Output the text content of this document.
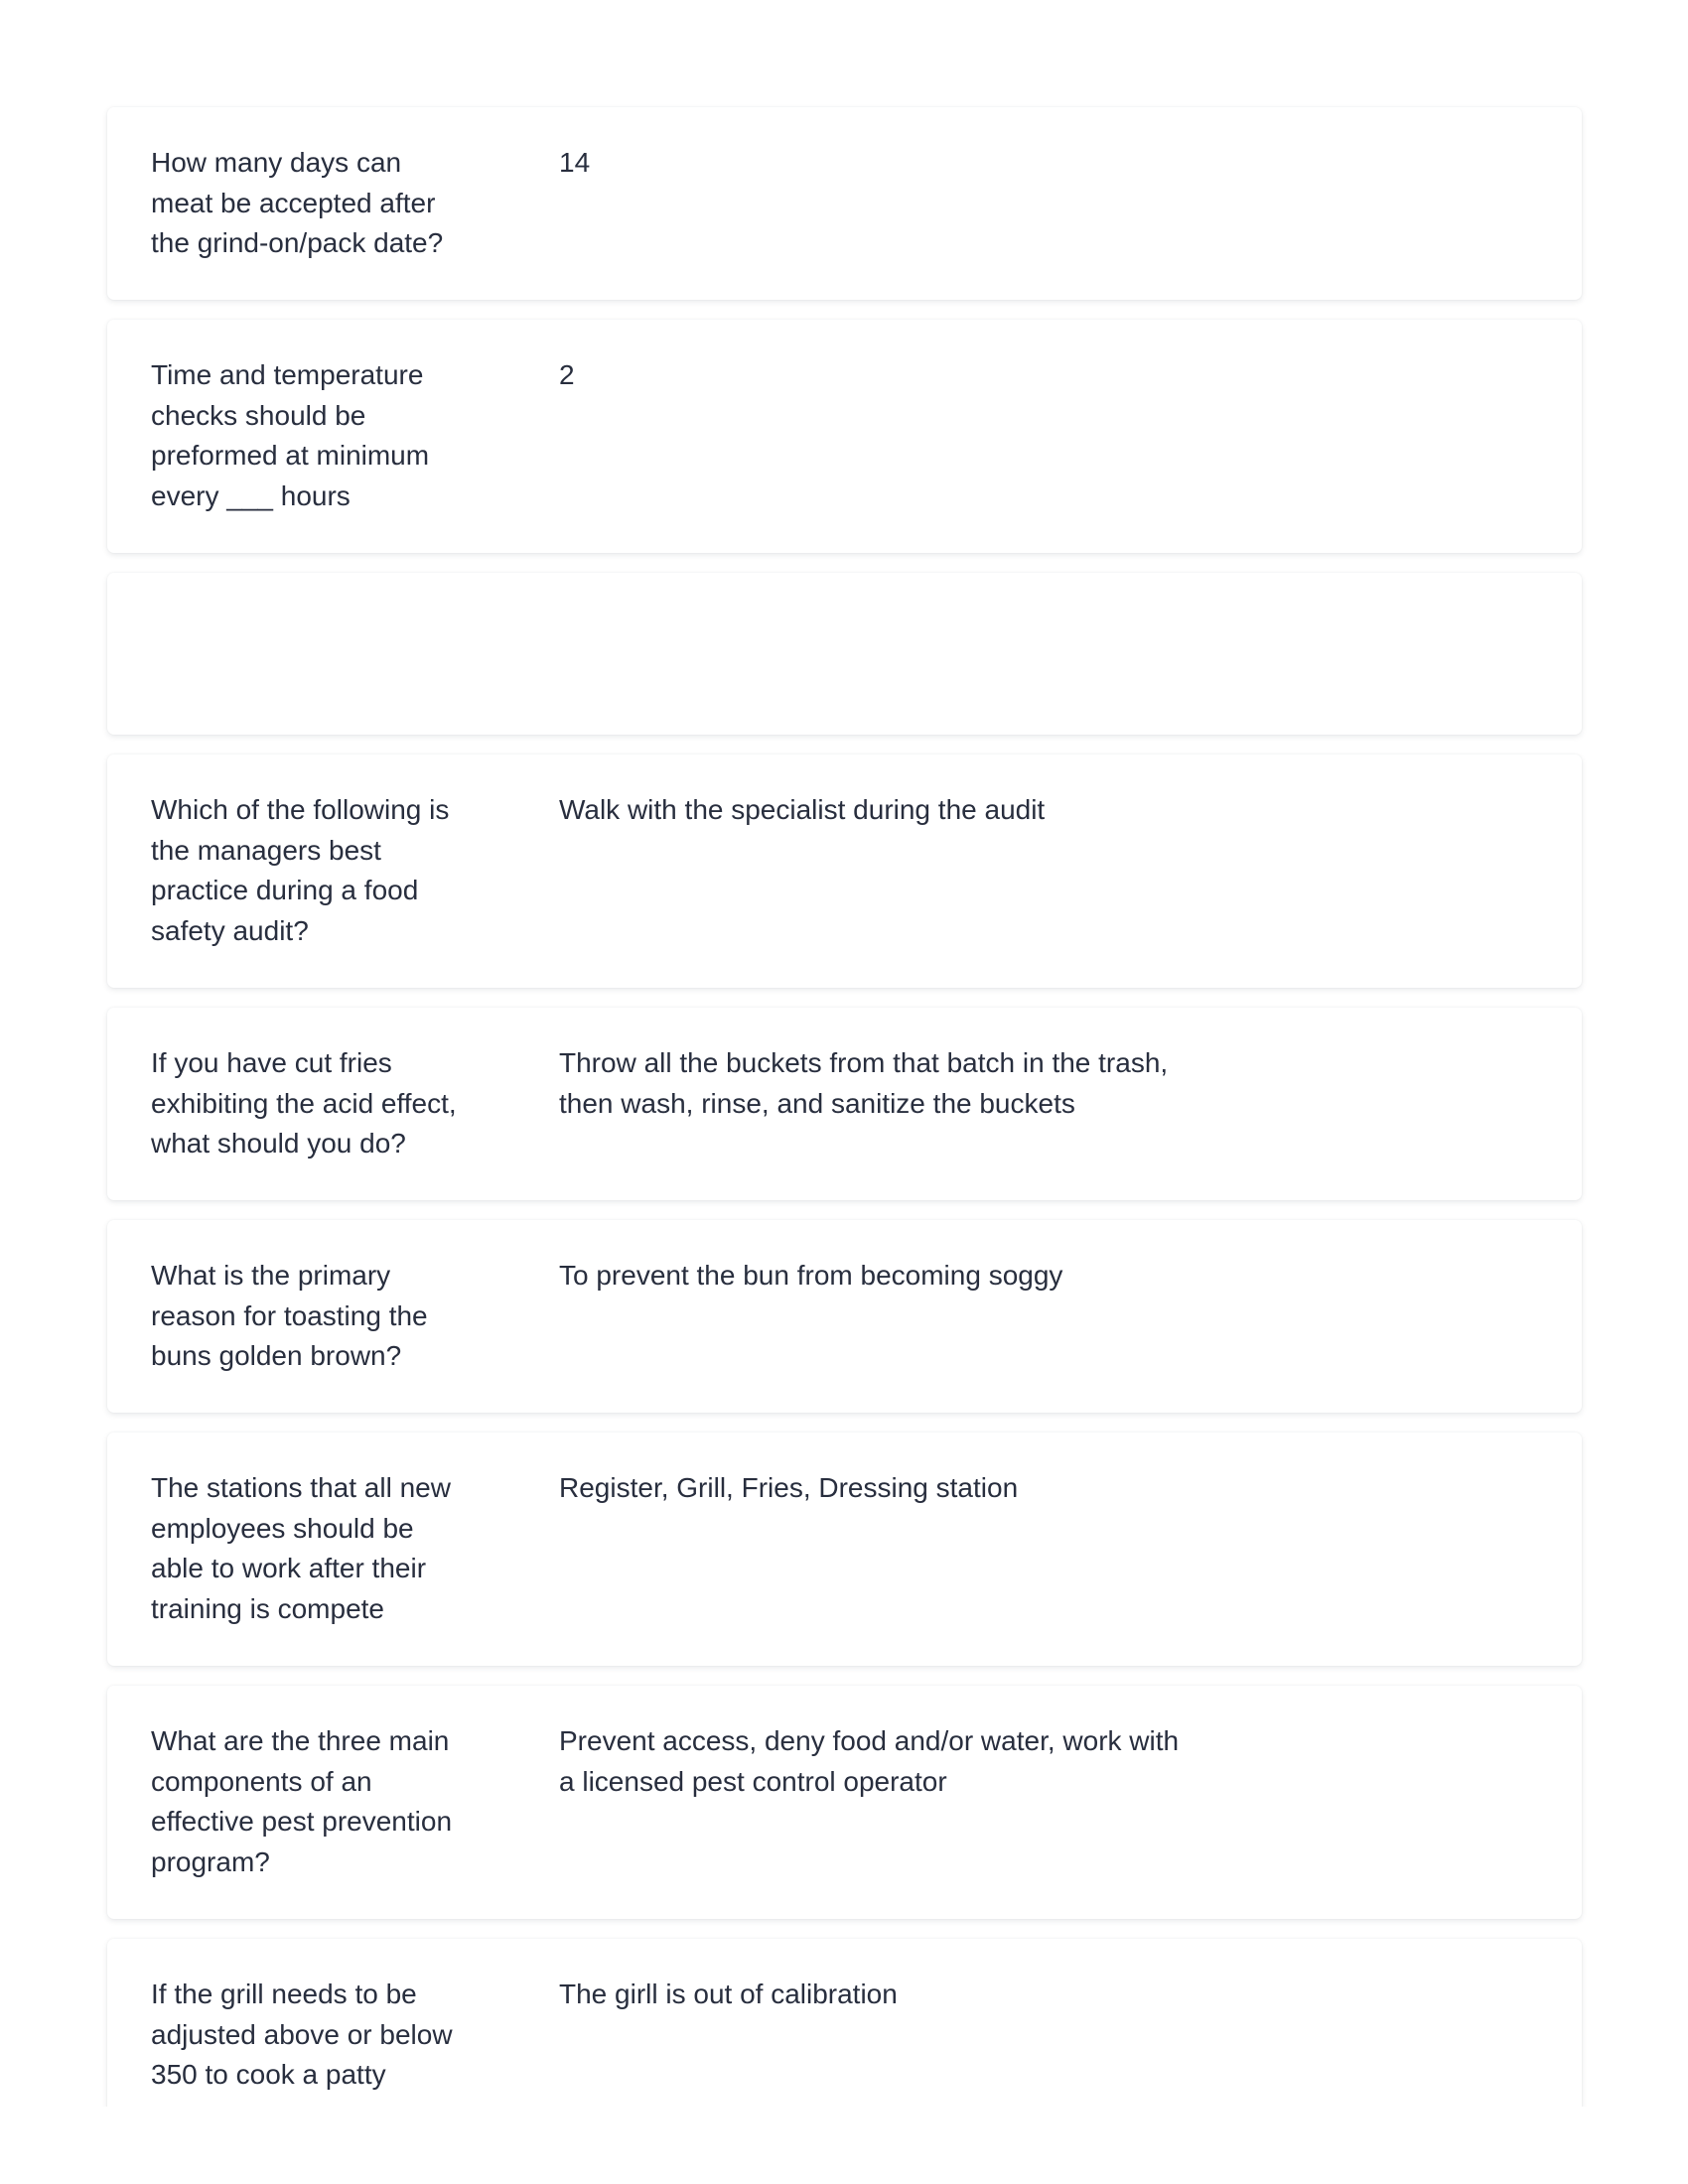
How many days can
meat be accepted after
the grind-on/pack date?
14
Time and temperature
checks should be
preformed at minimum
every ___ hours
2
Which of the following is
the managers best
practice during a food
safety audit?
Walk with the specialist during the audit
If you have cut fries
exhibiting the acid effect,
what should you do?
Throw all the buckets from that batch in the trash,
then wash, rinse, and sanitize the buckets
What is the primary
reason for toasting the
buns golden brown?
To prevent the bun from becoming soggy
The stations that all new
employees should be
able to work after their
training is compete
Register, Grill, Fries, Dressing station
What are the three main
components of an
effective pest prevention
program?
Prevent access, deny food and/or water, work with
a licensed pest control operator
If the grill needs to be
adjusted above or below
350 to cook a patty
The girll is out of calibration
